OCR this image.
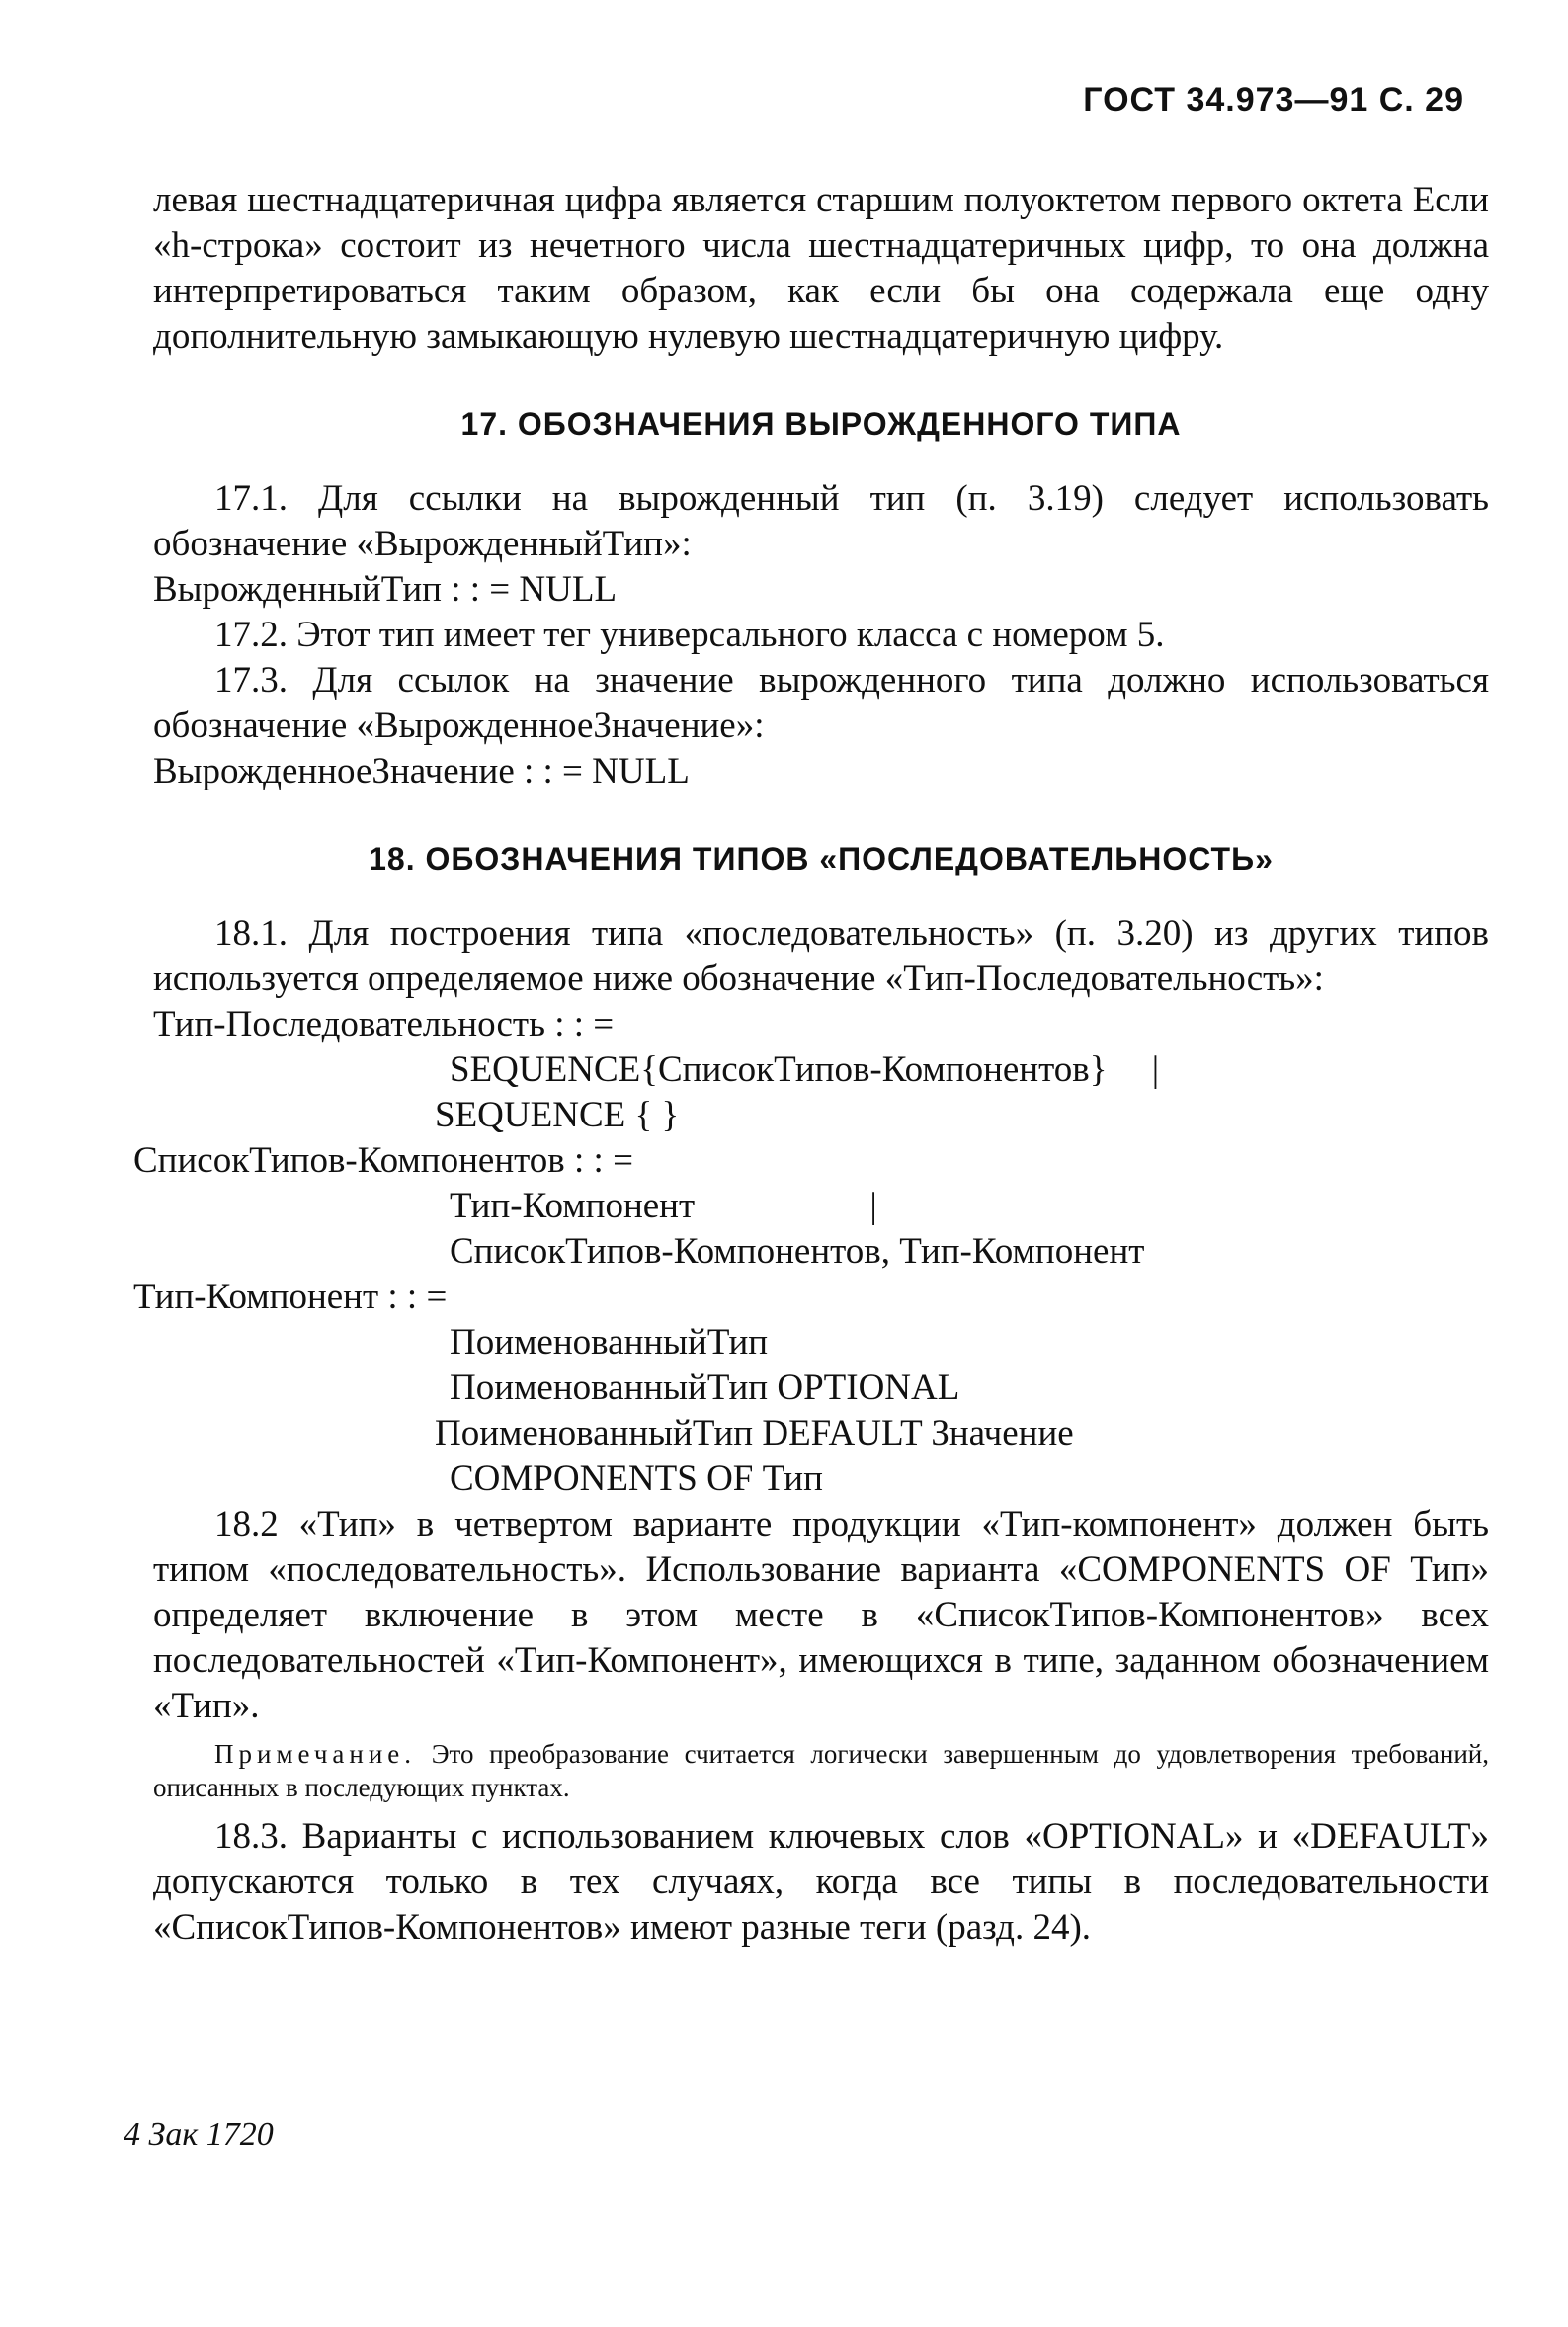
ГОСТ 34.973—91 С. 29

левая шестнадцатеричная цифра является старшим полуоктетом первого октета Если «h-строка» состоит из нечетного числа шестнадцатеричных цифр, то она должна интерпретироваться таким образом, как если бы она содержала еще одну дополнительную замыкающую нулевую шестнадцатеричную цифру.

17. ОБОЗНАЧЕНИЯ ВЫРОЖДЕННОГО ТИПА

17.1. Для ссылки на вырожденный тип (п. 3.19) следует использовать обозначение «ВырожденныйТип»:

ВырожденныйТип : : = NULL

17.2. Этот тип имеет тег универсального класса с номером 5.

17.3. Для ссылок на значение вырожденного типа должно использоваться обозначение «ВырожденноеЗначение»:

ВырожденноеЗначение : : = NULL

18. ОБОЗНАЧЕНИЯ ТИПОВ «ПОСЛЕДОВАТЕЛЬНОСТЬ»

18.1. Для построения типа «последовательность» (п. 3.20) из других типов используется определяемое ниже обозначение «Тип-Последовательность»:

Тип-Последовательность : : =

SEQUENCE{СписокТипов-Компонентов} |

SEQUENCE { }

СписокТипов-Компонентов : : =

Тип-Компонент	|

СписокТипов-Компонентов, Тип-Компонент

Тип-Компонент : : =

ПоименованныйТип

ПоименованныйТип OPTIONAL

ПоименованныйТип DEFAULT Значение

COMPONENTS OF Тип

18.2 «Тип» в четвертом варианте продукции «Тип-компонент» должен быть типом «последовательность». Использование варианта «COMPONENTS OF Тип» определяет включение в этом месте в «СписокТипов-Компонентов» всех последовательностей «Тип-Компонент», имеющихся в типе, заданном обозначением «Тип».

Примечание. Это преобразование считается логически завершенным до удовлетворения требований, описанных в последующих пунктах.

18.3. Варианты с использованием ключевых слов «OPTIONAL» и «DEFAULT» допускаются только в тех случаях, когда все типы в последовательности «СписокТипов-Компонентов» имеют разные теги (разд. 24).

4 Зак 1720
